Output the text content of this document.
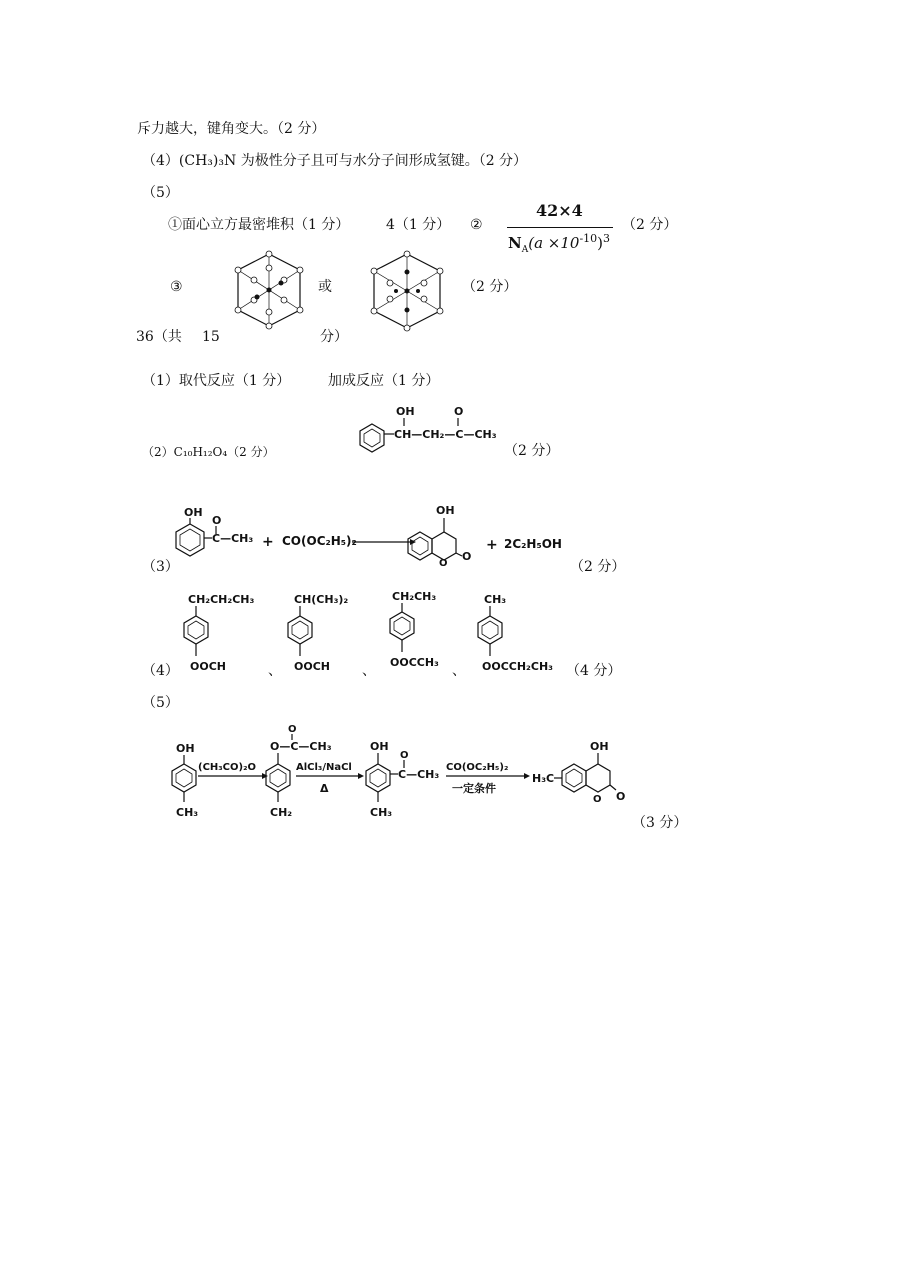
斥力越大，键角变大。（2 分）
（4）(CH₃)₃N 为极性分子且可与水分子间形成氢键。（2 分）
（5）
①面心立方最密堆积（1 分）	4（1 分） ②
42×4
$N_A(a \times 10^{-10})^3$
（2 分）
③	或	（2 分）
36（共 15	分）
（1）取代反应（1 分）	加成反应（1 分）
（2）C₁₀H₁₂O₄（2 分）
OH	O
CH—CH₂—C—CH₃
（2 分）
（3）
OH
O
C—CH₃ + CO(OC₂H₅)₂
OH
O
O
+ 2C₂H₅OH
（2 分）
（4）
CH₂CH₂CH₃
OOCH	、
CH(CH₃)₂
OOCH 、
CH₂CH₃
OOCCH₃
、
CH₃
OOCCH₂CH₃ （4 分）
（5）
OH
CH₃
(CH₃CO)₂O
O
O—C—CH₃
CH₂
AlCl₃/NaCl
Δ
OH
O
C—CH₃
CH₃
CO(OC₂H₅)₂
一定条件
H₃C
OH
O O
（3 分）
